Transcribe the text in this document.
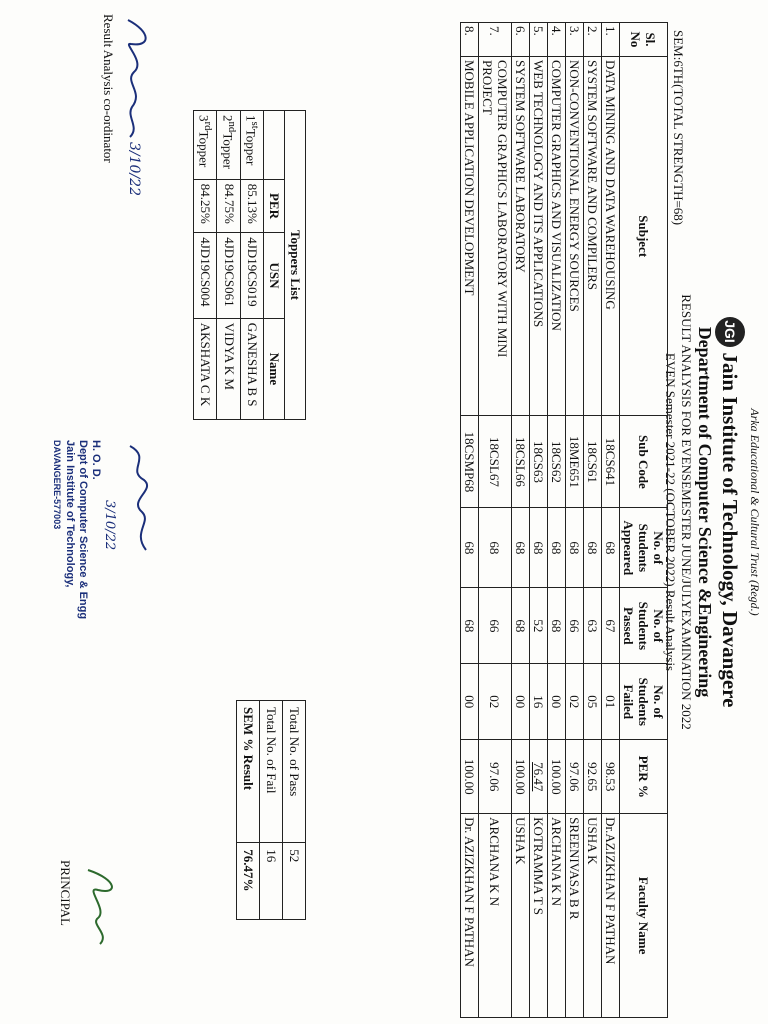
Arka Educational & Cultural Trust (Regd.)
JGI
Jain Institute of Technology, Davangere
Department of Computer Science &Engineering
RESULT ANALYSIS FOR EVENSEMESTER JUNE/JULYEXAMINATION 2022
EVEN Semester 2021-22 (OCTOBER 2022) Result Analysis
SEM:6TH(TOTAL STRENGTH=68)
Sl. No	Subject	Sub Code	No. of Students Appeared	No. of Students Passed	No. of Students Failed	PER %	Faculty Name
1.	DATA MINING AND DATA WAREHOUSING	18CS641	68	67	01	98.53	Dr.AZIZKHAN F PATHAN
2.	SYSTEM SOFTWARE AND COMPILERS	18CS61	68	63	05	92.65	USHA K
3.	NON-CONVENTIONAL ENERGY SOURCES	18ME651	68	66	02	97.06	SREENIVASA B R
4.	COMPUTER GRAPHICS AND VISUALIZATION	18CS62	68	68	00	100.00	ARCHANA K N
5.	WEB TECHNOLOGY AND ITS APPLICATIONS	18CS63	68	52	16	76.47	KOTRAMMA T S
6.	SYSTEM SOFTWARE LABORATORY	18CSL66	68	68	00	100.00	USHA K
7.	COMPUTER GRAPHICS LABORATORY WITH MINI PROJECT	18CSL67	68	66	02	97.06	ARCHANA K N
8.	MOBILE APPLICATION DEVELOPMENT	18CSMP68	68	68	00	100.00	Dr. AZIZKHAN F PATHAN
Toppers List			
	PER	USN	Name
1stTopper	85.13%	4JD19CS019	GANESHA B S
2ndTopper	84.75%	4JD19CS061	VIDYA K M
3rdTopper	84.25%	4JD19CS004	AKSHATA C K
Total No. of Pass	52
Total No. of Fail	16
SEM % Result	76.47%
3/10/22
Result Analysis co-ordinator
3/10/22
H. O. D.
Dept of Computer Science & Engg
Jain Institute of Technology,
DAVANGERE-577003
PRINCIPAL
